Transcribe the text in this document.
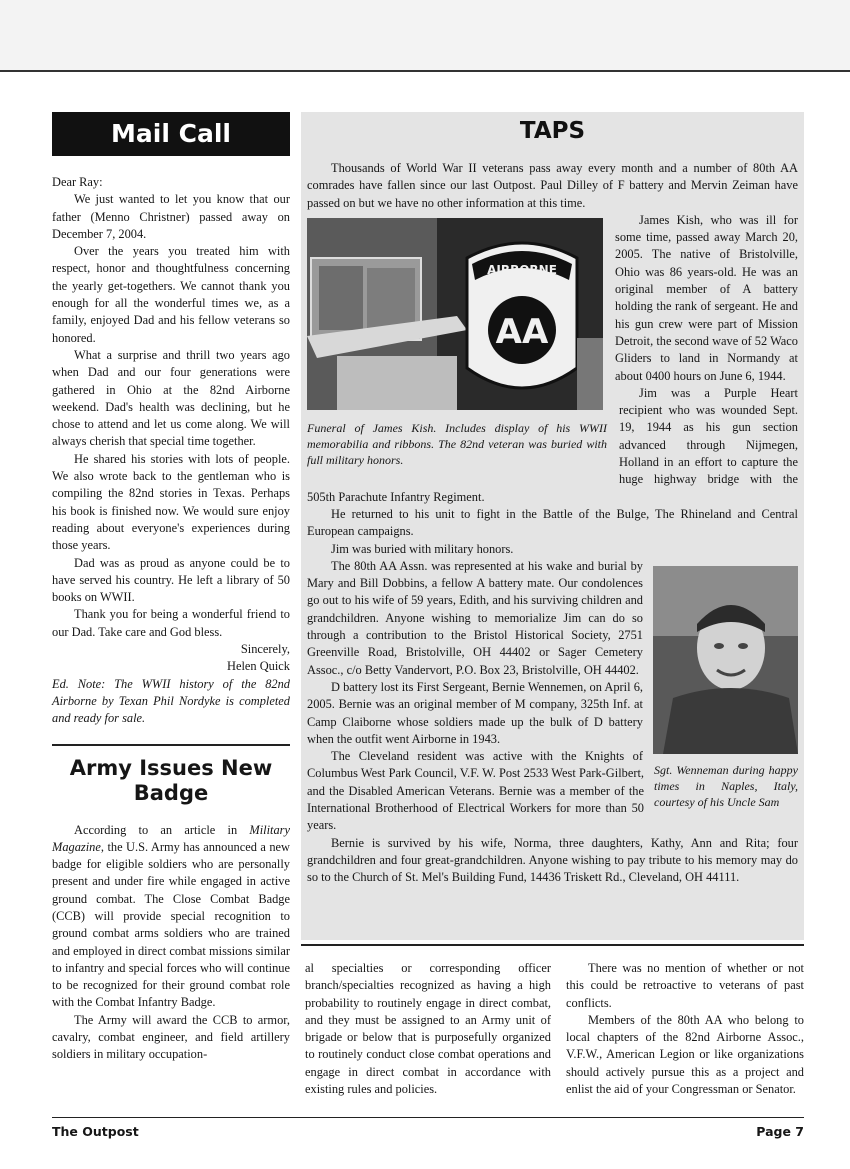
Mail Call

Dear Ray:

We just wanted to let you know that our father (Menno Christner) passed away on December 7, 2004.

Over the years you treated him with respect, honor and thoughtfulness concerning the yearly get-togethers. We cannot thank you enough for all the wonderful times we, as a family, enjoyed Dad and his fellow veterans so honored.

What a surprise and thrill two years ago when Dad and our four generations were gathered in Ohio at the 82nd Airborne weekend. Dad's health was declining, but he chose to attend and let us come along. We will always cherish that special time together.

He shared his stories with lots of people. We also wrote back to the gentleman who is compiling the 82nd stories in Texas. Perhaps his book is finished now. We would sure enjoy reading about everyone's experiences during those years.

Dad was as proud as anyone could be to have served his country. He left a library of 50 books on WWII.

Thank you for being a wonderful friend to our Dad. Take care and God bless.

Sincerely,

Helen Quick

Ed. Note: The WWII history of the 82nd Airborne by Texan Phil Nordyke is completed and ready for sale.

Army Issues New Badge

According to an article in Military Magazine, the U.S. Army has announced a new badge for eligible soldiers who are personally present and under fire while engaged in active ground combat. The Close Combat Badge (CCB) will provide special recognition to ground combat arms soldiers who are trained and employed in direct combat missions similar to infantry and special forces who will continue to be recognized for their ground combat role with the Combat Infantry Badge.

The Army will award the CCB to armor, cavalry, combat engineer, and field artillery soldiers in military occupation-

TAPS

Thousands of World War II veterans pass away every month and a number of 80th AA comrades have fallen since our last Outpost. Paul Dilley of F battery and Mervin Zeiman have passed on but we have no other information at this time.

AIRBORNE
AA

James Kish, who was ill for some time, passed away March 20, 2005. The native of Bristolville, Ohio was 86 years-old. He was an original member of A battery holding the rank of sergeant. He and his gun crew were part of Mission Detroit, the second wave of 52 Waco Gliders to land in Normandy at about 0400 hours on June 6, 1944.

Funeral of James Kish. Includes display of his WWII memorabilia and ribbons. The 82nd veteran was buried with full military honors.

Jim was a Purple Heart recipient who was wounded Sept. 19, 1944 as his gun section advanced through Nijmegen, Holland in an effort to capture the huge highway bridge with the 505th Parachute Infantry Regiment.

He returned to his unit to fight in the Battle of the Bulge, The Rhineland and Central European campaigns.

Jim was buried with military honors.

The 80th AA Assn. was represented at his wake and burial by Mary and Bill Dobbins, a fellow A battery mate. Our condolences go out to his wife of 59 years, Edith, and his surviving children and grandchildren. Anyone wishing to memorialize Jim can do so through a contribution to the Bristol Historical Society, 2751 Greenville Road, Bristolville, OH 44402 or Sager Cemetery Assoc., c/o Betty Vandervort, P.O. Box 23, Bristolville, OH 44402.

Sgt. Wenneman during happy times in Naples, Italy, courtesy of his Uncle Sam

D battery lost its First Sergeant, Bernie Wennemen, on April 6, 2005. Bernie was an original member of M company, 325th Inf. at Camp Claiborne whose soldiers made up the bulk of D battery when the outfit went Airborne in 1943.

The Cleveland resident was active with the Knights of Columbus West Park Council, V.F. W. Post 2533 West Park-Gilbert, and the Disabled American Veterans. Bernie was a member of the International Brotherhood of Electrical Workers for more than 50 years.

Bernie is survived by his wife, Norma, three daughters, Kathy, Ann and Rita; four grandchildren and four great-grandchildren. Anyone wishing to pay tribute to his memory may do so to the Church of St. Mel's Building Fund, 14436 Triskett Rd., Cleveland, OH 44111.

al specialties or corresponding officer branch/specialties recognized as having a high probability to routinely engage in direct combat, and they must be assigned to an Army unit of brigade or below that is purposefully organized to routinely conduct close combat operations and engage in direct combat in accordance with existing rules and policies.

There was no mention of whether or not this could be retroactive to veterans of past conflicts.

Members of the 80th AA who belong to local chapters of the 82nd Airborne Assoc., V.F.W., American Legion or like organizations should actively pursue this as a project and enlist the aid of your Congressman or Senator.

The Outpost	Page 7
